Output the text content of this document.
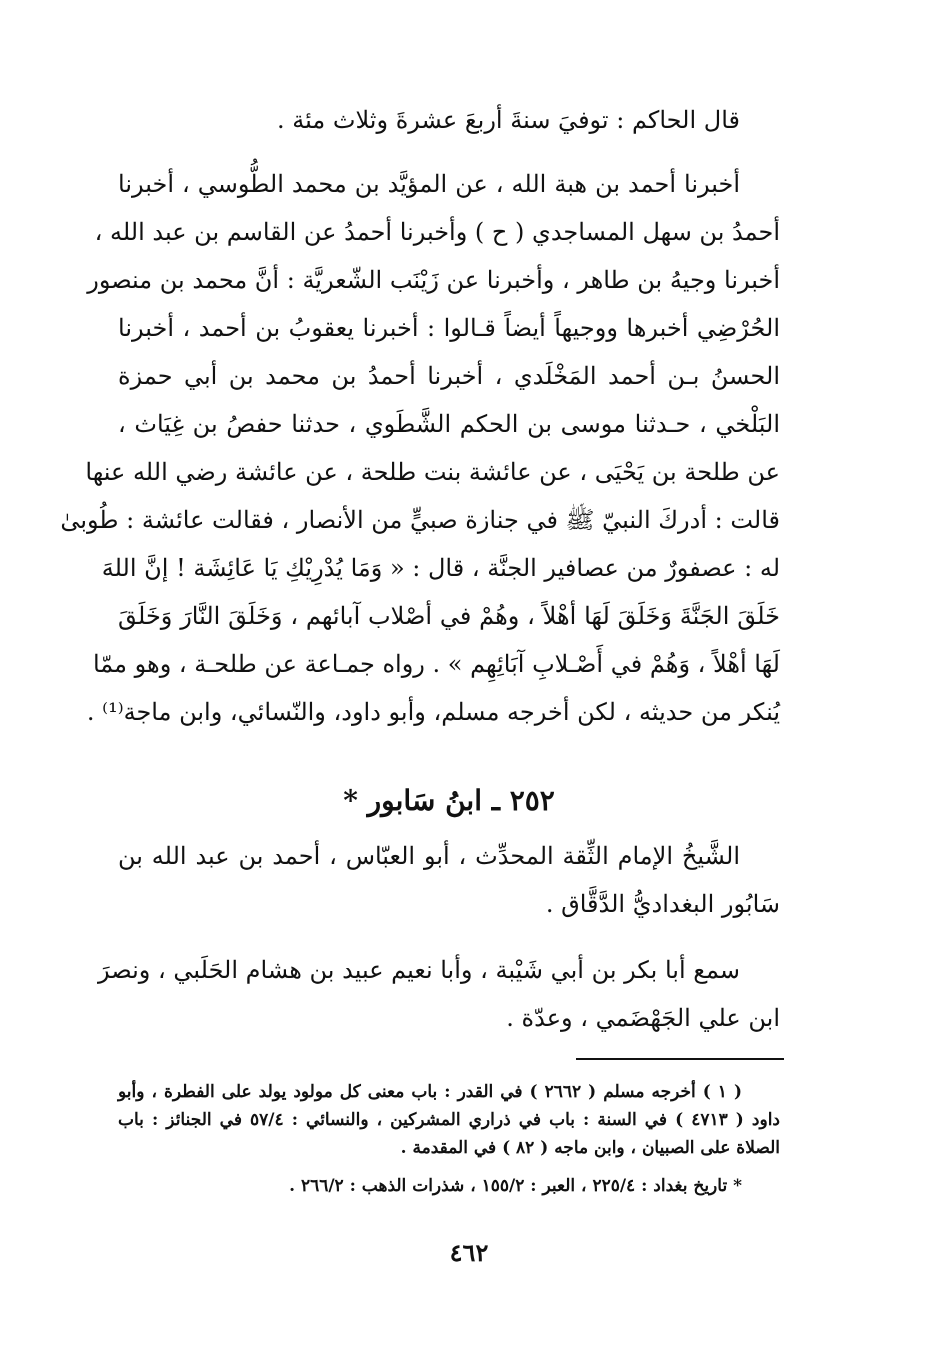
قال الحاكم : توفيَ سنةَ أربعَ عشرةَ وثلاث مئة .
أخبرنا أحمد بن هبة الله ، عن المؤيَّد بن محمد الطُّوسي ، أخبرنا
أحمدُ بن سهل المساجدي ( ح ) وأخبرنا أحمدُ عن القاسم بن عبد الله ،
أخبرنا وجيهُ بن طاهر ، وأخبرنا عن زَيْنَب الشّعريَّة : أنَّ محمد بن منصور
الحُرْضِي أخبرها ووجيهاً أيضاً قـالوا : أخبرنا يعقوبُ بن أحمد ، أخبرنا
الحسنُ بـن أحمد المَخْلَدي ، أخبرنا أحمدُ بن محمد بن أبي حمزة
البَلْخي ، حـدثنا موسى بن الحكم الشَّطَوي ، حدثنا حفصُ بن غِيَاث ،
عن طلحة بن يَحْيَى ، عن عائشة بنت طلحة ، عن عائشة رضي الله عنها
قالت : أدركَ النبيّ ﷺ في جنازة صبيٍّ من الأنصار ، فقالت عائشة : طُوبىٰ
له : عصفورٌ من عصافير الجنَّة ، قال : « وَمَا يُدْرِيْكِ يَا عَائِشَة ! إنَّ اللهَ
خَلَقَ الجَنَّةَ وَخَلَقَ لَهَا أهْلاً ، وهُمْ في أصْلاب آبائهم ، وَخَلَقَ النَّارَ وَخَلَقَ
لَهَا أهْلاً ، وَهُمْ في أَصْـلابِ آبَائِهِم » . رواه جمـاعة عن طلحـة ، وهو ممّا
يُنكر من حديثه ، لكن أخرجه مسلم، وأبو داود، والنّسائي، وابن ماجة⁽¹⁾ .
٢٥٢ ـ ابنُ سَابور *
الشَّيخُ الإمام الثِّقة المحدِّث ، أبو العبّاس ، أحمد بن عبد الله بن
سَابُور البغداديُّ الدَّقَّاق .
سمع أبا بكر بن أبي شَيْبة ، وأبا نعيم عبيد بن هشام الحَلَبي ، ونصرَ
ابن علي الجَهْضَمي ، وعدّة .
( ١ ) أخرجه مسلم ( ٢٦٦٢ ) في القدر : باب معنى كل مولود يولد على الفطرة ، وأبو
داود ( ٤٧١٣ ) في السنة : باب في ذراري المشركين ، والنسائي : ٥٧/٤ في الجنائز : باب
الصلاة على الصبيان ، وابن ماجه ( ٨٢ ) في المقدمة .
* تاريخ بغداد : ٢٢٥/٤ ، العبر : ١٥٥/٢ ، شذرات الذهب : ٢٦٦/٢ .
٤٦٢
